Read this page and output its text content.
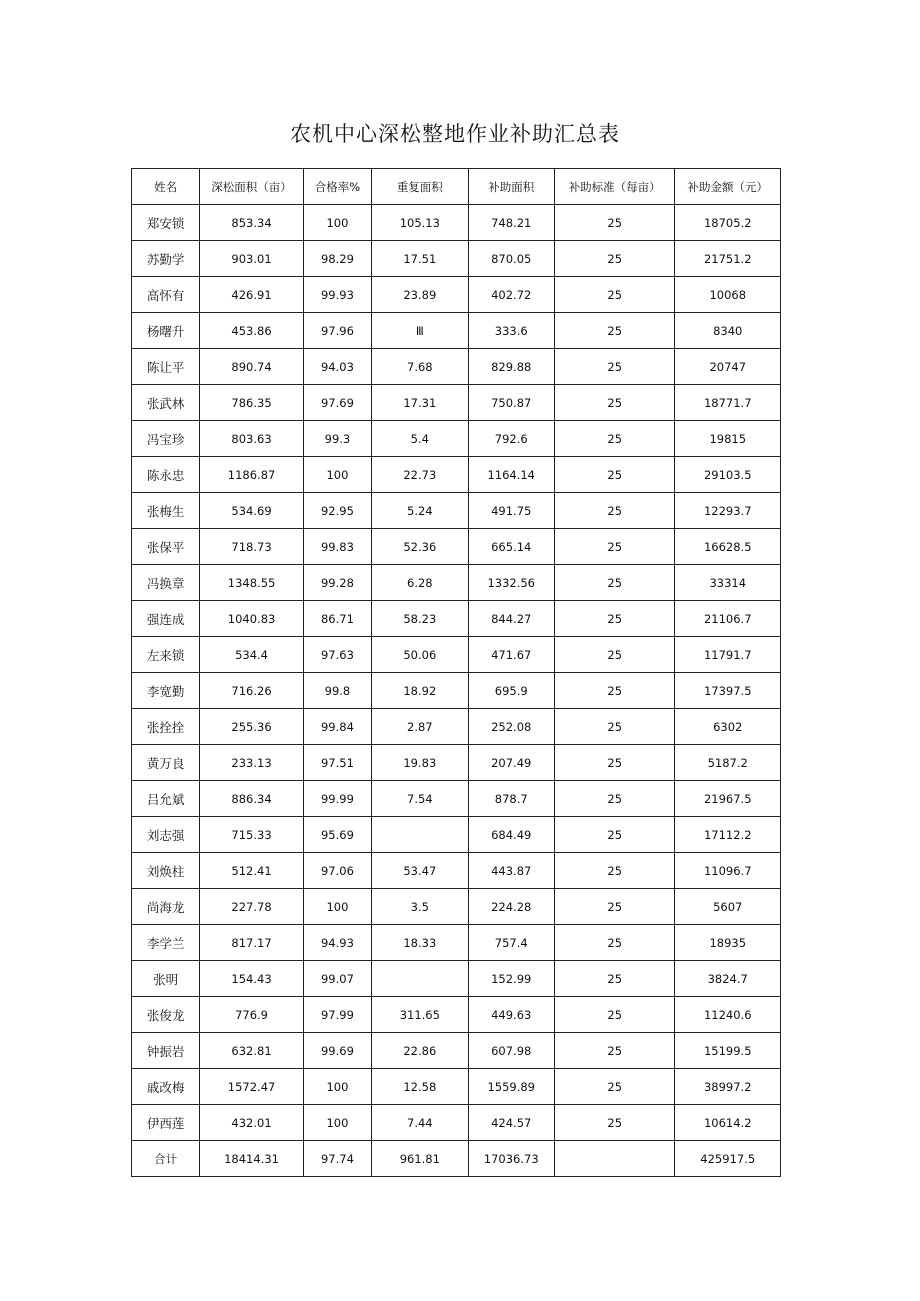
农机中心深松整地作业补助汇总表
姓名	深松面积（亩）	合格率%	重复面积	补助面积	补助标准（每亩）	补助金额（元）
郑安锁	853.34	100	105.13	748.21	25	18705.2
苏勤学	903.01	98.29	17.51	870.05	25	21751.2
高怀有	426.91	99.93	23.89	402.72	25	10068
杨曙升	453.86	97.96	Ⅲ	333.6	25	8340
陈让平	890.74	94.03	7.68	829.88	25	20747
张武林	786.35	97.69	17.31	750.87	25	18771.7
冯宝珍	803.63	99.3	5.4	792.6	25	19815
陈永忠	1186.87	100	22.73	1164.14	25	29103.5
张梅生	534.69	92.95	5.24	491.75	25	12293.7
张保平	718.73	99.83	52.36	665.14	25	16628.5
冯换章	1348.55	99.28	6.28	1332.56	25	33314
强连成	1040.83	86.71	58.23	844.27	25	21106.7
左来锁	534.4	97.63	50.06	471.67	25	11791.7
李宽勤	716.26	99.8	18.92	695.9	25	17397.5
张拴拴	255.36	99.84	2.87	252.08	25	6302
黄万良	233.13	97.51	19.83	207.49	25	5187.2
吕允斌	886.34	99.99	7.54	878.7	25	21967.5
刘志强	715.33	95.69		684.49	25	17112.2
刘焕柱	512.41	97.06	53.47	443.87	25	11096.7
尚海龙	227.78	100	3.5	224.28	25	5607
李学兰	817.17	94.93	18.33	757.4	25	18935
张明	154.43	99.07		152.99	25	3824.7
张俊龙	776.9	97.99	311.65	449.63	25	11240.6
钟振岩	632.81	99.69	22.86	607.98	25	15199.5
戚改梅	1572.47	100	12.58	1559.89	25	38997.2
伊西莲	432.01	100	7.44	424.57	25	10614.2
合计	18414.31	97.74	961.81	17036.73		425917.5
